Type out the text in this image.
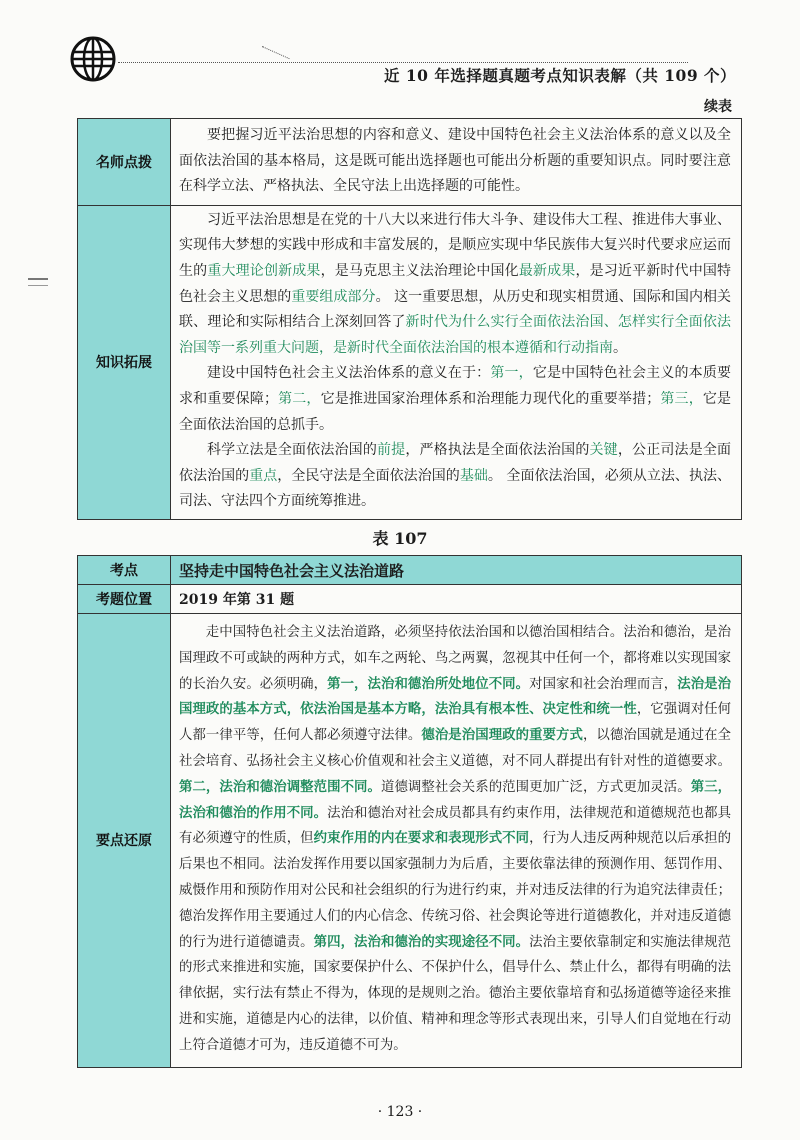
近 10 年选择题真题考点知识表解（共 109 个）
续表
名师点拨	要把握习近平法治思想的内容和意义、建设中国特色社会主义法治体系的意义以及全面依法治国的基本格局，这是既可能出选择题也可能出分析题的重要知识点。同时要注意在科学立法、严格执法、全民守法上出选择题的可能性。
知识拓展	习近平法治思想是在党的十八大以来进行伟大斗争、建设伟大工程、推进伟大事业、实现伟大梦想的实践中形成和丰富发展的，是顺应实现中华民族伟大复兴时代要求应运而生的重大理论创新成果，是马克思主义法治理论中国化最新成果，是习近平新时代中国特色社会主义思想的重要组成部分。 这一重要思想，从历史和现实相贯通、国际和国内相关联、理论和实际相结合上深刻回答了新时代为什么实行全面依法治国、怎样实行全面依法治国等一系列重大问题，是新时代全面依法治国的根本遵循和行动指南。

建设中国特色社会主义法治体系的意义在于：第一，它是中国特色社会主义的本质要求和重要保障；第二，它是推进国家治理体系和治理能力现代化的重要举措；第三，它是全面依法治国的总抓手。

科学立法是全面依法治国的前提，严格执法是全面依法治国的关键，公正司法是全面依法治国的重点，全民守法是全面依法治国的基础。 全面依法治国，必须从立法、执法、司法、守法四个方面统筹推进。

表 107
考点	坚持走中国特色社会主义法治道路
考题位置	2019 年第 31 题
要点还原	走中国特色社会主义法治道路，必须坚持依法治国和以德治国相结合。法治和德治，是治国理政不可或缺的两种方式，如车之两轮、鸟之两翼，忽视其中任何一个，都将难以实现国家的长治久安。必须明确，第一，法治和德治所处地位不同。对国家和社会治理而言，法治是治国理政的基本方式，依法治国是基本方略，法治具有根本性、决定性和统一性，它强调对任何人都一律平等，任何人都必须遵守法律。德治是治国理政的重要方式，以德治国就是通过在全社会培育、弘扬社会主义核心价值观和社会主义道德，对不同人群提出有针对性的道德要求。第二，法治和德治调整范围不同。道德调整社会关系的范围更加广泛，方式更加灵活。第三，法治和德治的作用不同。法治和德治对社会成员都具有约束作用，法律规范和道德规范也都具有必须遵守的性质，但约束作用的内在要求和表现形式不同，行为人违反两种规范以后承担的后果也不相同。法治发挥作用要以国家强制力为后盾，主要依靠法律的预测作用、惩罚作用、威慑作用和预防作用对公民和社会组织的行为进行约束，并对违反法律的行为追究法律责任；德治发挥作用主要通过人们的内心信念、传统习俗、社会舆论等进行道德教化，并对违反道德的行为进行道德谴责。第四，法治和德治的实现途径不同。法治主要依靠制定和实施法律规范的形式来推进和实施，国家要保护什么、不保护什么，倡导什么、禁止什么，都得有明确的法律依据，实行法有禁止不得为，体现的是规则之治。德治主要依靠培育和弘扬道德等途径来推进和实施，道德是内心的法律，以价值、精神和理念等形式表现出来，引导人们自觉地在行动上符合道德才可为，违反道德不可为。
· 123 ·
